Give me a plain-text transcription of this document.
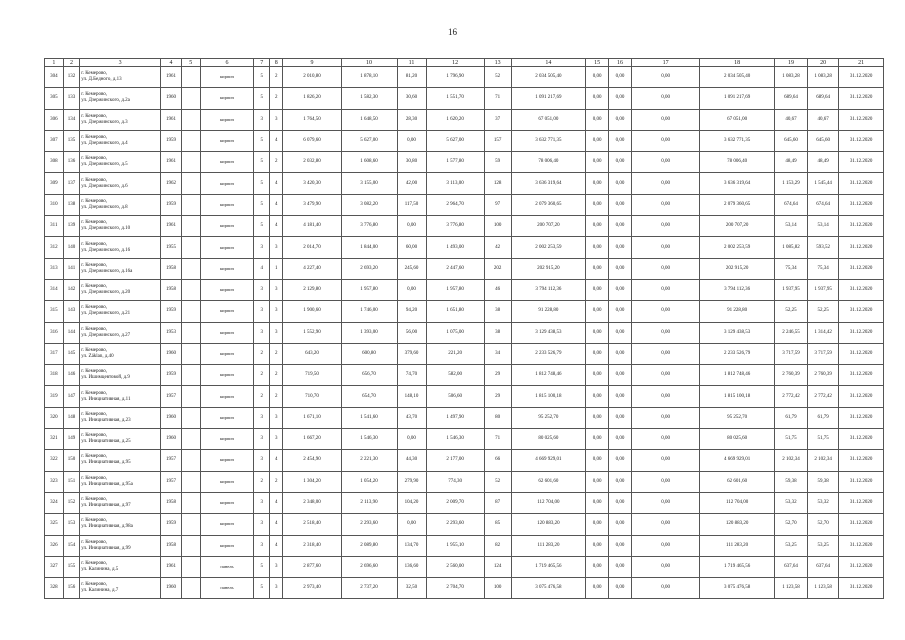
16
1	2	3	4	5	6	7	8	9	10	11	12	13	14	15	16	17	18	19	20	21
304	132	г. Кемерово,
ул. Д.Бедного, д.13	1961		кирпич	5	2	2 010,80	1 878,10	81,20	1 796,90	52	2 034 505,40	0,00	0,00	0,00	2 034 505,40	1 083,28	1 083,28	31.12.2020
305	133	г. Кемерово,
ул. Дзержинского, д.2а	1960		кирпич	5	2	1 826,20	1 582,30	30,60	1 551,70	71	1 091 217,69	0,00	0,00	0,00	1 091 217,69	689,64	689,64	31.12.2020
306	134	г. Кемерово,
ул. Дзержинского, д.3	1961		кирпич	3	3	1 764,50	1 648,50	28,30	1 620,20	37	67 051,00	0,00	0,00	0,00	67 051,00	40,67	40,67	31.12.2020
307	135	г. Кемерово,
ул. Дзержинского, д.4	1959		кирпич	5	4	6 079,60	5 627,00	0,00	5 627,00	157	3 632 771,35	0,00	0,00	0,00	3 632 771,35	645,60	645,60	31.12.2020
308	136	г. Кемерово,
ул. Дзержинского, д.5	1961		кирпич	5	2	2 032,80	1 608,60	30,80	1 577,80	59	78 006,40	0,00	0,00	0,00	78 006,40	48,49	48,49	31.12.2020
309	137	г. Кемерово,
ул. Дзержинского, д.6	1962		кирпич	5	4	3 420,30	3 155,00	42,00	3 113,00	128	3 636 319,64	0,00	0,00	0,00	3 636 319,64	1 153,29	1 545,44	31.12.2020
310	138	г. Кемерово,
ул. Дзержинского, д.8	1959		кирпич	5	4	3 479,90	3 082,20	117,50	2 964,70	97	2 079 360,65	0,00	0,00	0,00	2 079 360,65	674,64	674,64	31.12.2020
311	139	г. Кемерово,
ул. Дзержинского, д.10	1961		кирпич	5	4	4 181,40	3 776,80	0,00	3 776,80	100	200 707,20	0,00	0,00	0,00	200 707,20	53,14	53,14	31.12.2020
312	140	г. Кемерово,
ул. Дзержинского, д.16	1955		кирпич	3	3	2 014,70	1 844,00	60,00	1 493,00	42	2 002 253,59	0,00	0,00	0,00	2 002 253,59	1 085,82	593,52	31.12.2020
313	141	г. Кемерово,
ул. Дзержинского, д.16а	1958		кирпич	4	1	4 227,40	2 693,20	245,60	2 447,60	202	202 915,20	0,00	0,00	0,00	202 915,20	75,34	75,34	31.12.2020
314	142	г. Кемерово,
ул. Дзержинского, д.20	1958		кирпич	3	3	2 129,80	1 957,80	0,00	1 957,80	46	3 794 112,36	0,00	0,00	0,00	3 794 112,36	1 937,95	1 937,95	31.12.2020
315	143	г. Кемерово,
ул. Дзержинского, д.21	1959		кирпич	3	3	1 900,60	1 746,00	94,20	1 651,80	38	91 228,80	0,00	0,00	0,00	91 228,80	52,25	52,25	31.12.2020
316	144	г. Кемерово,
ул. Дзержинского, д.27	1953		кирпич	3	3	1 552,90	1 393,00	56,00	1 075,00	38	3 129 438,53	0,00	0,00	0,00	3 129 438,53	2 246,55	1 314,42	31.12.2020
317	145	г. Кемерово,
ул. Záklan, д.40	1960		кирпич	2	2	643,20	600,80	379,60	221,20	34	2 233 526,79	0,00	0,00	0,00	2 233 526,79	3 717,59	3 717,59	31.12.2020
318	146	г. Кемерово,
ул. Ишимцевтовой, д.9	1959		кирпич	2	2	719,50	656,70	74,70	582,00	29	1 812 748,46	0,00	0,00	0,00	1 812 748,46	2 760,39	2 760,39	31.12.2020
319	147	г. Кемерово,
ул. Инициативная, д.11	1957		кирпич	2	2	710,70	654,70	148,10	506,60	29	1 815 100,18	0,00	0,00	0,00	1 815 100,18	2 772,42	2 772,42	31.12.2020
320	148	г. Кемерово,
ул. Инициативная, д.23	1960		кирпич	3	3	1 671,10	1 541,60	43,70	1 497,90	80	95 252,70	0,00	0,00	0,00	95 252,70	61,79	61,79	31.12.2020
321	149	г. Кемерово,
ул. Инициативная, д.25	1960		кирпич	3	3	1 667,20	1 546,30	0,00	1 546,30	71	80 025,60	0,00	0,00	0,00	80 025,60	51,75	51,75	31.12.2020
322	150	г. Кемерово,
ул. Инициативная, д.95	1957		кирпич	3	4	2 454,90	2 221,30	44,30	2 177,00	66	4 669 929,01	0,00	0,00	0,00	4 669 929,01	2 102,34	2 102,34	31.12.2020
323	151	г. Кемерово,
ул. Инициативная, д.95а	1957		кирпич	2	2	1 304,20	1 054,20	279,90	774,30	52	62 601,60	0,00	0,00	0,00	62 601,60	59,38	59,38	31.12.2020
324	152	г. Кемерово,
ул. Инициативная, д.97	1958		кирпич	3	4	2 348,00	2 113,90	104,20	2 009,70	87	112 704,00	0,00	0,00	0,00	112 704,00	53,32	53,32	31.12.2020
325	153	г. Кемерово,
ул. Инициативная, д.98а	1959		кирпич	3	4	2 518,40	2 293,60	0,00	2 293,60	85	120 883,20	0,00	0,00	0,00	120 883,20	52,70	52,70	31.12.2020
326	154	г. Кемерово,
ул. Инициативная, д.99	1958		кирпич	3	4	2 318,40	2 089,80	134,70	1 955,10	82	111 283,20	0,00	0,00	0,00	111 283,20	53,25	53,25	31.12.2020
327	155	г. Кемерово,
ул. Калинина, д.5	1961		панель	5	3	2 877,60	2 696,60	136,60	2 560,00	124	1 719 465,56	0,00	0,00	0,00	1 719 465,56	637,64	637,64	31.12.2020
328	156	г. Кемерово,
ул. Калинина, д.7	1960		панель	5	3	2 973,40	2 737,20	32,50	2 704,70	100	3 075 476,58	0,00	0,00	0,00	3 075 476,58	1 123,58	1 123,58	31.12.2020
